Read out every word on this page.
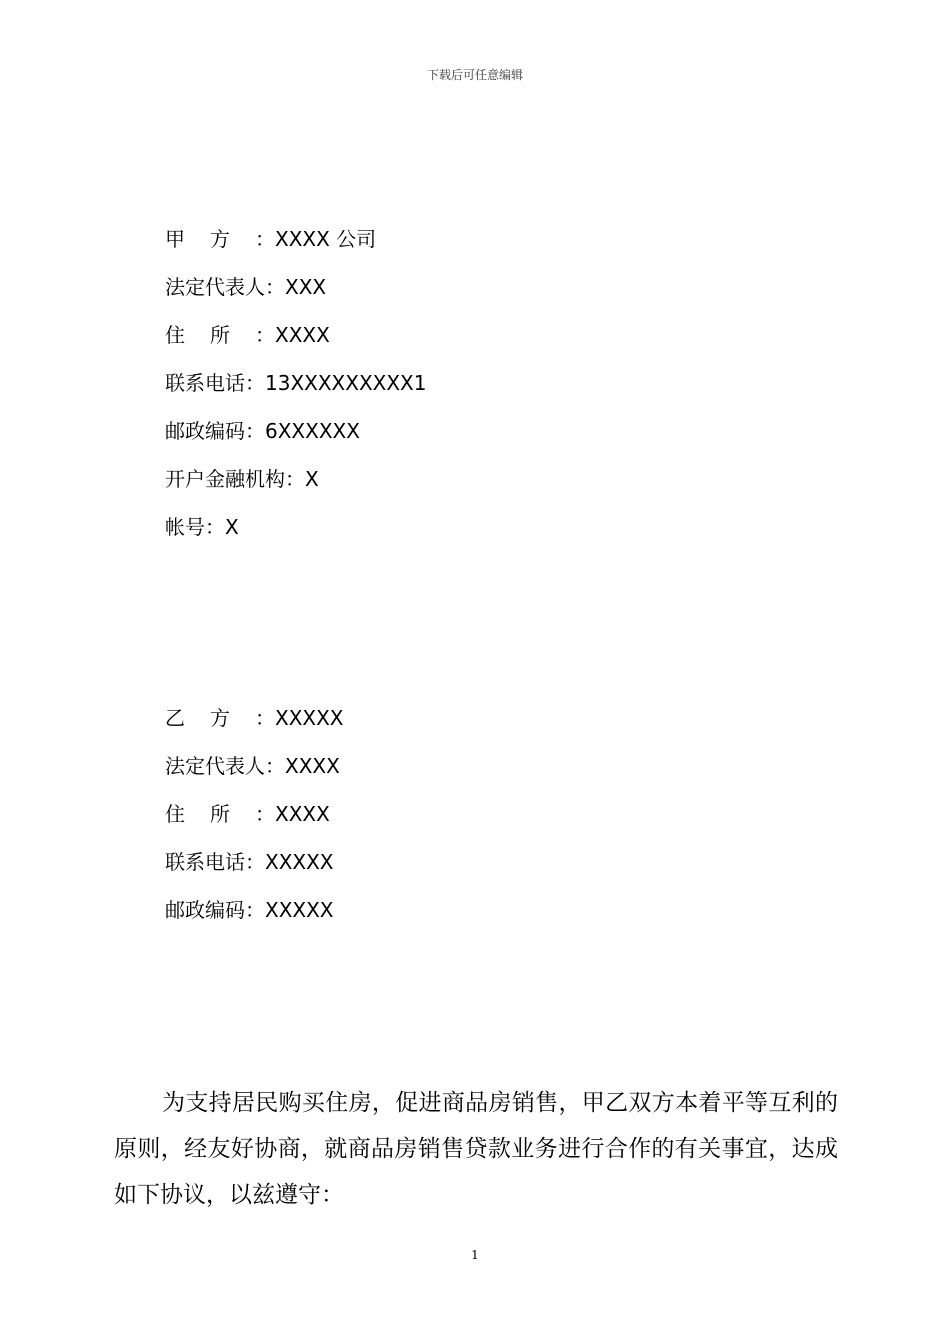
下载后可任意编辑
甲 方 ：XXXX 公司
法定代表人：XXX
住 所 ：XXXX
联系电话：13XXXXXXXXX1
邮政编码：6XXXXXX
开户金融机构：X
帐号：X
乙 方 ：XXXXX
法定代表人：XXXX
住 所 ：XXXX
联系电话：XXXXX
邮政编码：XXXXX

为支持居民购买住房，促进商品房销售，甲乙双方本着平等互利的原则，经友好协商，就商品房销售贷款业务进行合作的有关事宜，达成如下协议，以兹遵守：

1
